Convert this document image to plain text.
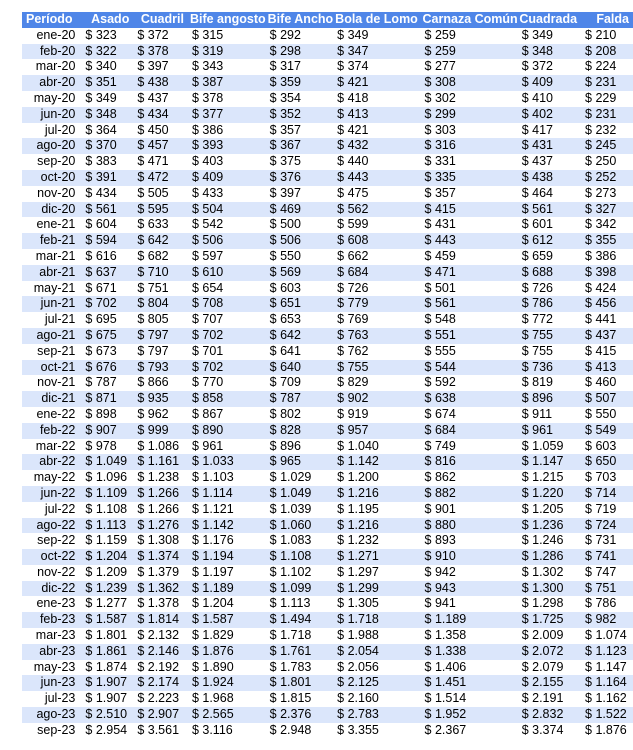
Período	Asado	Cuadril	Bife angosto	Bife Ancho	Bola de Lomo	Carnaza Común	Cuadrada	Falda
ene-20	$ 323	$ 372	$ 315	$ 292	$ 349	$ 259	$ 349	$ 210
feb-20	$ 322	$ 378	$ 319	$ 298	$ 347	$ 259	$ 348	$ 208
mar-20	$ 340	$ 397	$ 343	$ 317	$ 374	$ 277	$ 372	$ 224
abr-20	$ 351	$ 438	$ 387	$ 359	$ 421	$ 308	$ 409	$ 231
may-20	$ 349	$ 437	$ 378	$ 354	$ 418	$ 302	$ 410	$ 229
jun-20	$ 348	$ 434	$ 377	$ 352	$ 413	$ 299	$ 402	$ 231
jul-20	$ 364	$ 450	$ 386	$ 357	$ 421	$ 303	$ 417	$ 232
ago-20	$ 370	$ 457	$ 393	$ 367	$ 432	$ 316	$ 431	$ 245
sep-20	$ 383	$ 471	$ 403	$ 375	$ 440	$ 331	$ 437	$ 250
oct-20	$ 391	$ 472	$ 409	$ 376	$ 443	$ 335	$ 438	$ 252
nov-20	$ 434	$ 505	$ 433	$ 397	$ 475	$ 357	$ 464	$ 273
dic-20	$ 561	$ 595	$ 504	$ 469	$ 562	$ 415	$ 561	$ 327
ene-21	$ 604	$ 633	$ 542	$ 500	$ 599	$ 431	$ 601	$ 342
feb-21	$ 594	$ 642	$ 506	$ 506	$ 608	$ 443	$ 612	$ 355
mar-21	$ 616	$ 682	$ 597	$ 550	$ 662	$ 459	$ 659	$ 386
abr-21	$ 637	$ 710	$ 610	$ 569	$ 684	$ 471	$ 688	$ 398
may-21	$ 671	$ 751	$ 654	$ 603	$ 726	$ 501	$ 726	$ 424
jun-21	$ 702	$ 804	$ 708	$ 651	$ 779	$ 561	$ 786	$ 456
jul-21	$ 695	$ 805	$ 707	$ 653	$ 769	$ 548	$ 772	$ 441
ago-21	$ 675	$ 797	$ 702	$ 642	$ 763	$ 551	$ 755	$ 437
sep-21	$ 673	$ 797	$ 701	$ 641	$ 762	$ 555	$ 755	$ 415
oct-21	$ 676	$ 793	$ 702	$ 640	$ 755	$ 544	$ 736	$ 413
nov-21	$ 787	$ 866	$ 770	$ 709	$ 829	$ 592	$ 819	$ 460
dic-21	$ 871	$ 935	$ 858	$ 787	$ 902	$ 638	$ 896	$ 507
ene-22	$ 898	$ 962	$ 867	$ 802	$ 919	$ 674	$ 911	$ 550
feb-22	$ 907	$ 999	$ 890	$ 828	$ 957	$ 684	$ 961	$ 549
mar-22	$ 978	$ 1.086	$ 961	$ 896	$ 1.040	$ 749	$ 1.059	$ 603
abr-22	$ 1.049	$ 1.161	$ 1.033	$ 965	$ 1.142	$ 816	$ 1.147	$ 650
may-22	$ 1.096	$ 1.238	$ 1.103	$ 1.029	$ 1.200	$ 862	$ 1.215	$ 703
jun-22	$ 1.109	$ 1.266	$ 1.114	$ 1.049	$ 1.216	$ 882	$ 1.220	$ 714
jul-22	$ 1.108	$ 1.266	$ 1.121	$ 1.039	$ 1.195	$ 901	$ 1.205	$ 719
ago-22	$ 1.113	$ 1.276	$ 1.142	$ 1.060	$ 1.216	$ 880	$ 1.236	$ 724
sep-22	$ 1.159	$ 1.308	$ 1.176	$ 1.083	$ 1.232	$ 893	$ 1.246	$ 731
oct-22	$ 1.204	$ 1.374	$ 1.194	$ 1.108	$ 1.271	$ 910	$ 1.286	$ 741
nov-22	$ 1.209	$ 1.379	$ 1.197	$ 1.102	$ 1.297	$ 942	$ 1.302	$ 747
dic-22	$ 1.239	$ 1.362	$ 1.189	$ 1.099	$ 1.299	$ 943	$ 1.300	$ 751
ene-23	$ 1.277	$ 1.378	$ 1.204	$ 1.113	$ 1.305	$ 941	$ 1.298	$ 786
feb-23	$ 1.587	$ 1.814	$ 1.587	$ 1.494	$ 1.718	$ 1.189	$ 1.725	$ 982
mar-23	$ 1.801	$ 2.132	$ 1.829	$ 1.718	$ 1.988	$ 1.358	$ 2.009	$ 1.074
abr-23	$ 1.861	$ 2.146	$ 1.876	$ 1.761	$ 2.054	$ 1.338	$ 2.072	$ 1.123
may-23	$ 1.874	$ 2.192	$ 1.890	$ 1.783	$ 2.056	$ 1.406	$ 2.079	$ 1.147
jun-23	$ 1.907	$ 2.174	$ 1.924	$ 1.801	$ 2.125	$ 1.451	$ 2.155	$ 1.164
jul-23	$ 1.907	$ 2.223	$ 1.968	$ 1.815	$ 2.160	$ 1.514	$ 2.191	$ 1.162
ago-23	$ 2.510	$ 2.907	$ 2.565	$ 2.376	$ 2.783	$ 1.952	$ 2.832	$ 1.522
sep-23	$ 2.954	$ 3.561	$ 3.116	$ 2.948	$ 3.355	$ 2.367	$ 3.374	$ 1.876
